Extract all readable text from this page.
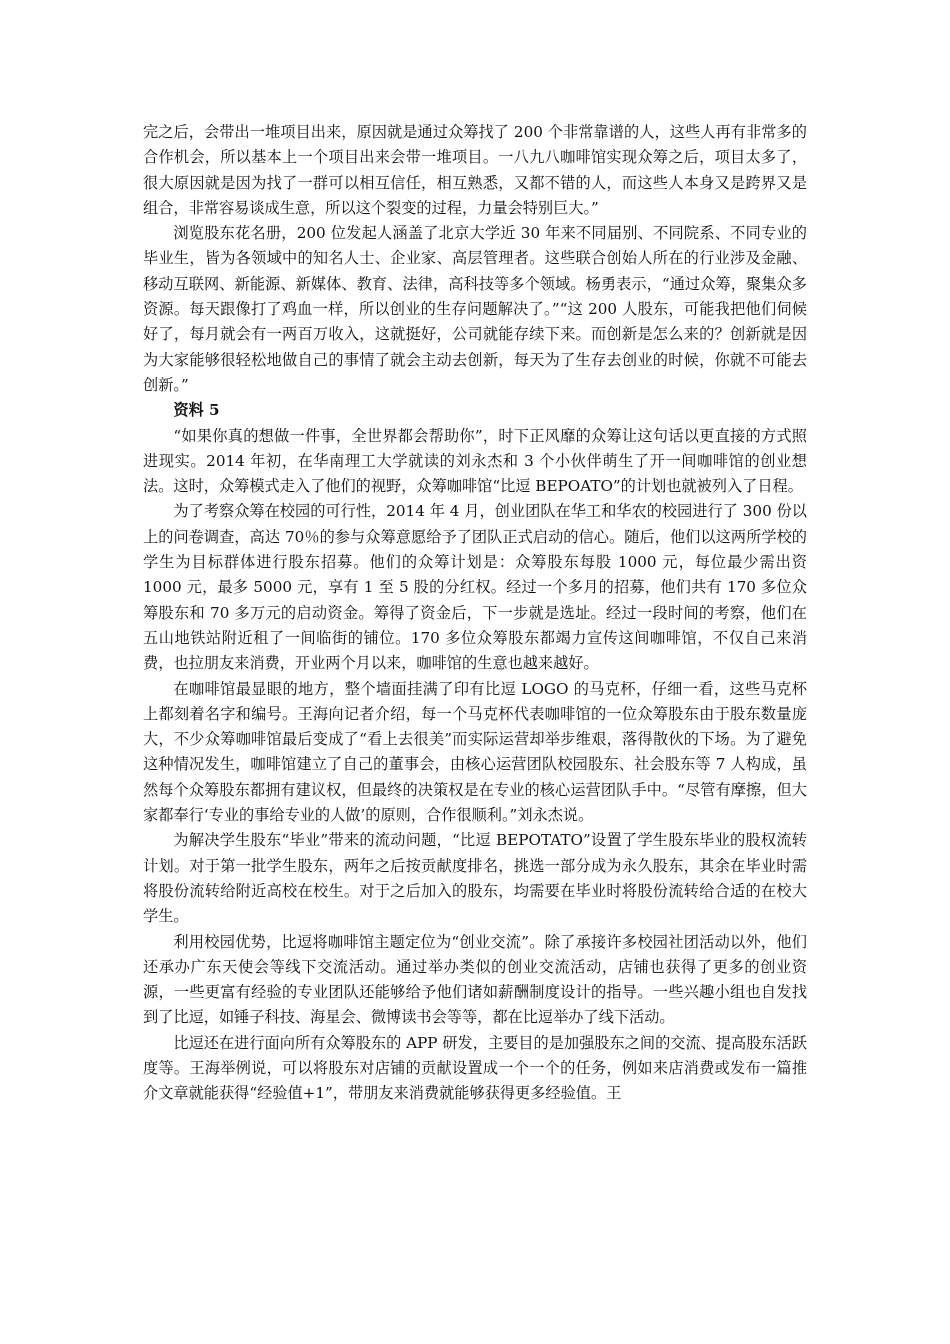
完之后，会带出一堆项目出来，原因就是通过众筹找了 200 个非常靠谱的人，这些人再有非常多的合作机会，所以基本上一个项目出来会带一堆项目。一八九八咖啡馆实现众筹之后，项目太多了，很大原因就是因为找了一群可以相互信任，相互熟悉，又都不错的人，而这些人本身又是跨界又是组合，非常容易谈成生意，所以这个裂变的过程，力量会特别巨大。”

浏览股东花名册，200 位发起人涵盖了北京大学近 30 年来不同届别、不同院系、不同专业的毕业生，皆为各领域中的知名人士、企业家、高层管理者。这些联合创始人所在的行业涉及金融、移动互联网、新能源、新媒体、教育、法律，高科技等多个领域。杨勇表示，“通过众筹，聚集众多资源。每天跟像打了鸡血一样，所以创业的生存问题解决了。”“这 200 人股东，可能我把他们伺候好了，每月就会有一两百万收入，这就挺好，公司就能存续下来。而创新是怎么来的？创新就是因为大家能够很轻松地做自己的事情了就会主动去创新，每天为了生存去创业的时候，你就不可能去创新。”

资料 5

“如果你真的想做一件事，全世界都会帮助你”，时下正风靡的众筹让这句话以更直接的方式照进现实。2014 年初，在华南理工大学就读的刘永杰和 3 个小伙伴萌生了开一间咖啡馆的创业想法。这时，众筹模式走入了他们的视野，众筹咖啡馆“比逗 BEPOATO”的计划也就被列入了日程。

为了考察众筹在校园的可行性，2014 年 4 月，创业团队在华工和华农的校园进行了 300 份以上的问卷调查，高达 70％的参与众筹意愿给予了团队正式启动的信心。随后，他们以这两所学校的学生为目标群体进行股东招募。他们的众筹计划是：众筹股东每股 1000 元，每位最少需出资 1000 元，最多 5000 元，享有 1 至 5 股的分红权。经过一个多月的招募，他们共有 170 多位众筹股东和 70 多万元的启动资金。筹得了资金后，下一步就是选址。经过一段时间的考察，他们在五山地铁站附近租了一间临街的铺位。170 多位众筹股东都竭力宣传这间咖啡馆，不仅自己来消费，也拉朋友来消费，开业两个月以来，咖啡馆的生意也越来越好。

在咖啡馆最显眼的地方，整个墙面挂满了印有比逗 LOGO 的马克杯，仔细一看，这些马克杯上都刻着名字和编号。王海向记者介绍，每一个马克杯代表咖啡馆的一位众筹股东由于股东数量庞大，不少众筹咖啡馆最后变成了“看上去很美”而实际运营却举步维艰，落得散伙的下场。为了避免这种情况发生，咖啡馆建立了自己的董事会，由核心运营团队校园股东、社会股东等 7 人构成，虽然每个众筹股东都拥有建议权，但最终的决策权是在专业的核心运营团队手中。“尽管有摩擦，但大家都奉行‘专业的事给专业的人做’的原则，合作很顺利。”刘永杰说。

为解决学生股东“毕业”带来的流动问题，“比逗 BEPOTATO”设置了学生股东毕业的股权流转计划。对于第一批学生股东，两年之后按贡献度排名，挑选一部分成为永久股东，其余在毕业时需将股份流转给附近高校在校生。对于之后加入的股东，均需要在毕业时将股份流转给合适的在校大学生。

利用校园优势，比逗将咖啡馆主题定位为“创业交流”。除了承接许多校园社团活动以外，他们还承办广东天使会等线下交流活动。通过举办类似的创业交流活动，店铺也获得了更多的创业资源，一些更富有经验的专业团队还能够给予他们诸如薪酬制度设计的指导。一些兴趣小组也自发找到了比逗，如锤子科技、海星会、微博读书会等等，都在比逗举办了线下活动。

比逗还在进行面向所有众筹股东的 APP 研发，主要目的是加强股东之间的交流、提高股东活跃度等。王海举例说，可以将股东对店铺的贡献设置成一个一个的任务，例如来店消费或发布一篇推介文章就能获得“经验值+1”，带朋友来消费就能够获得更多经验值。王
